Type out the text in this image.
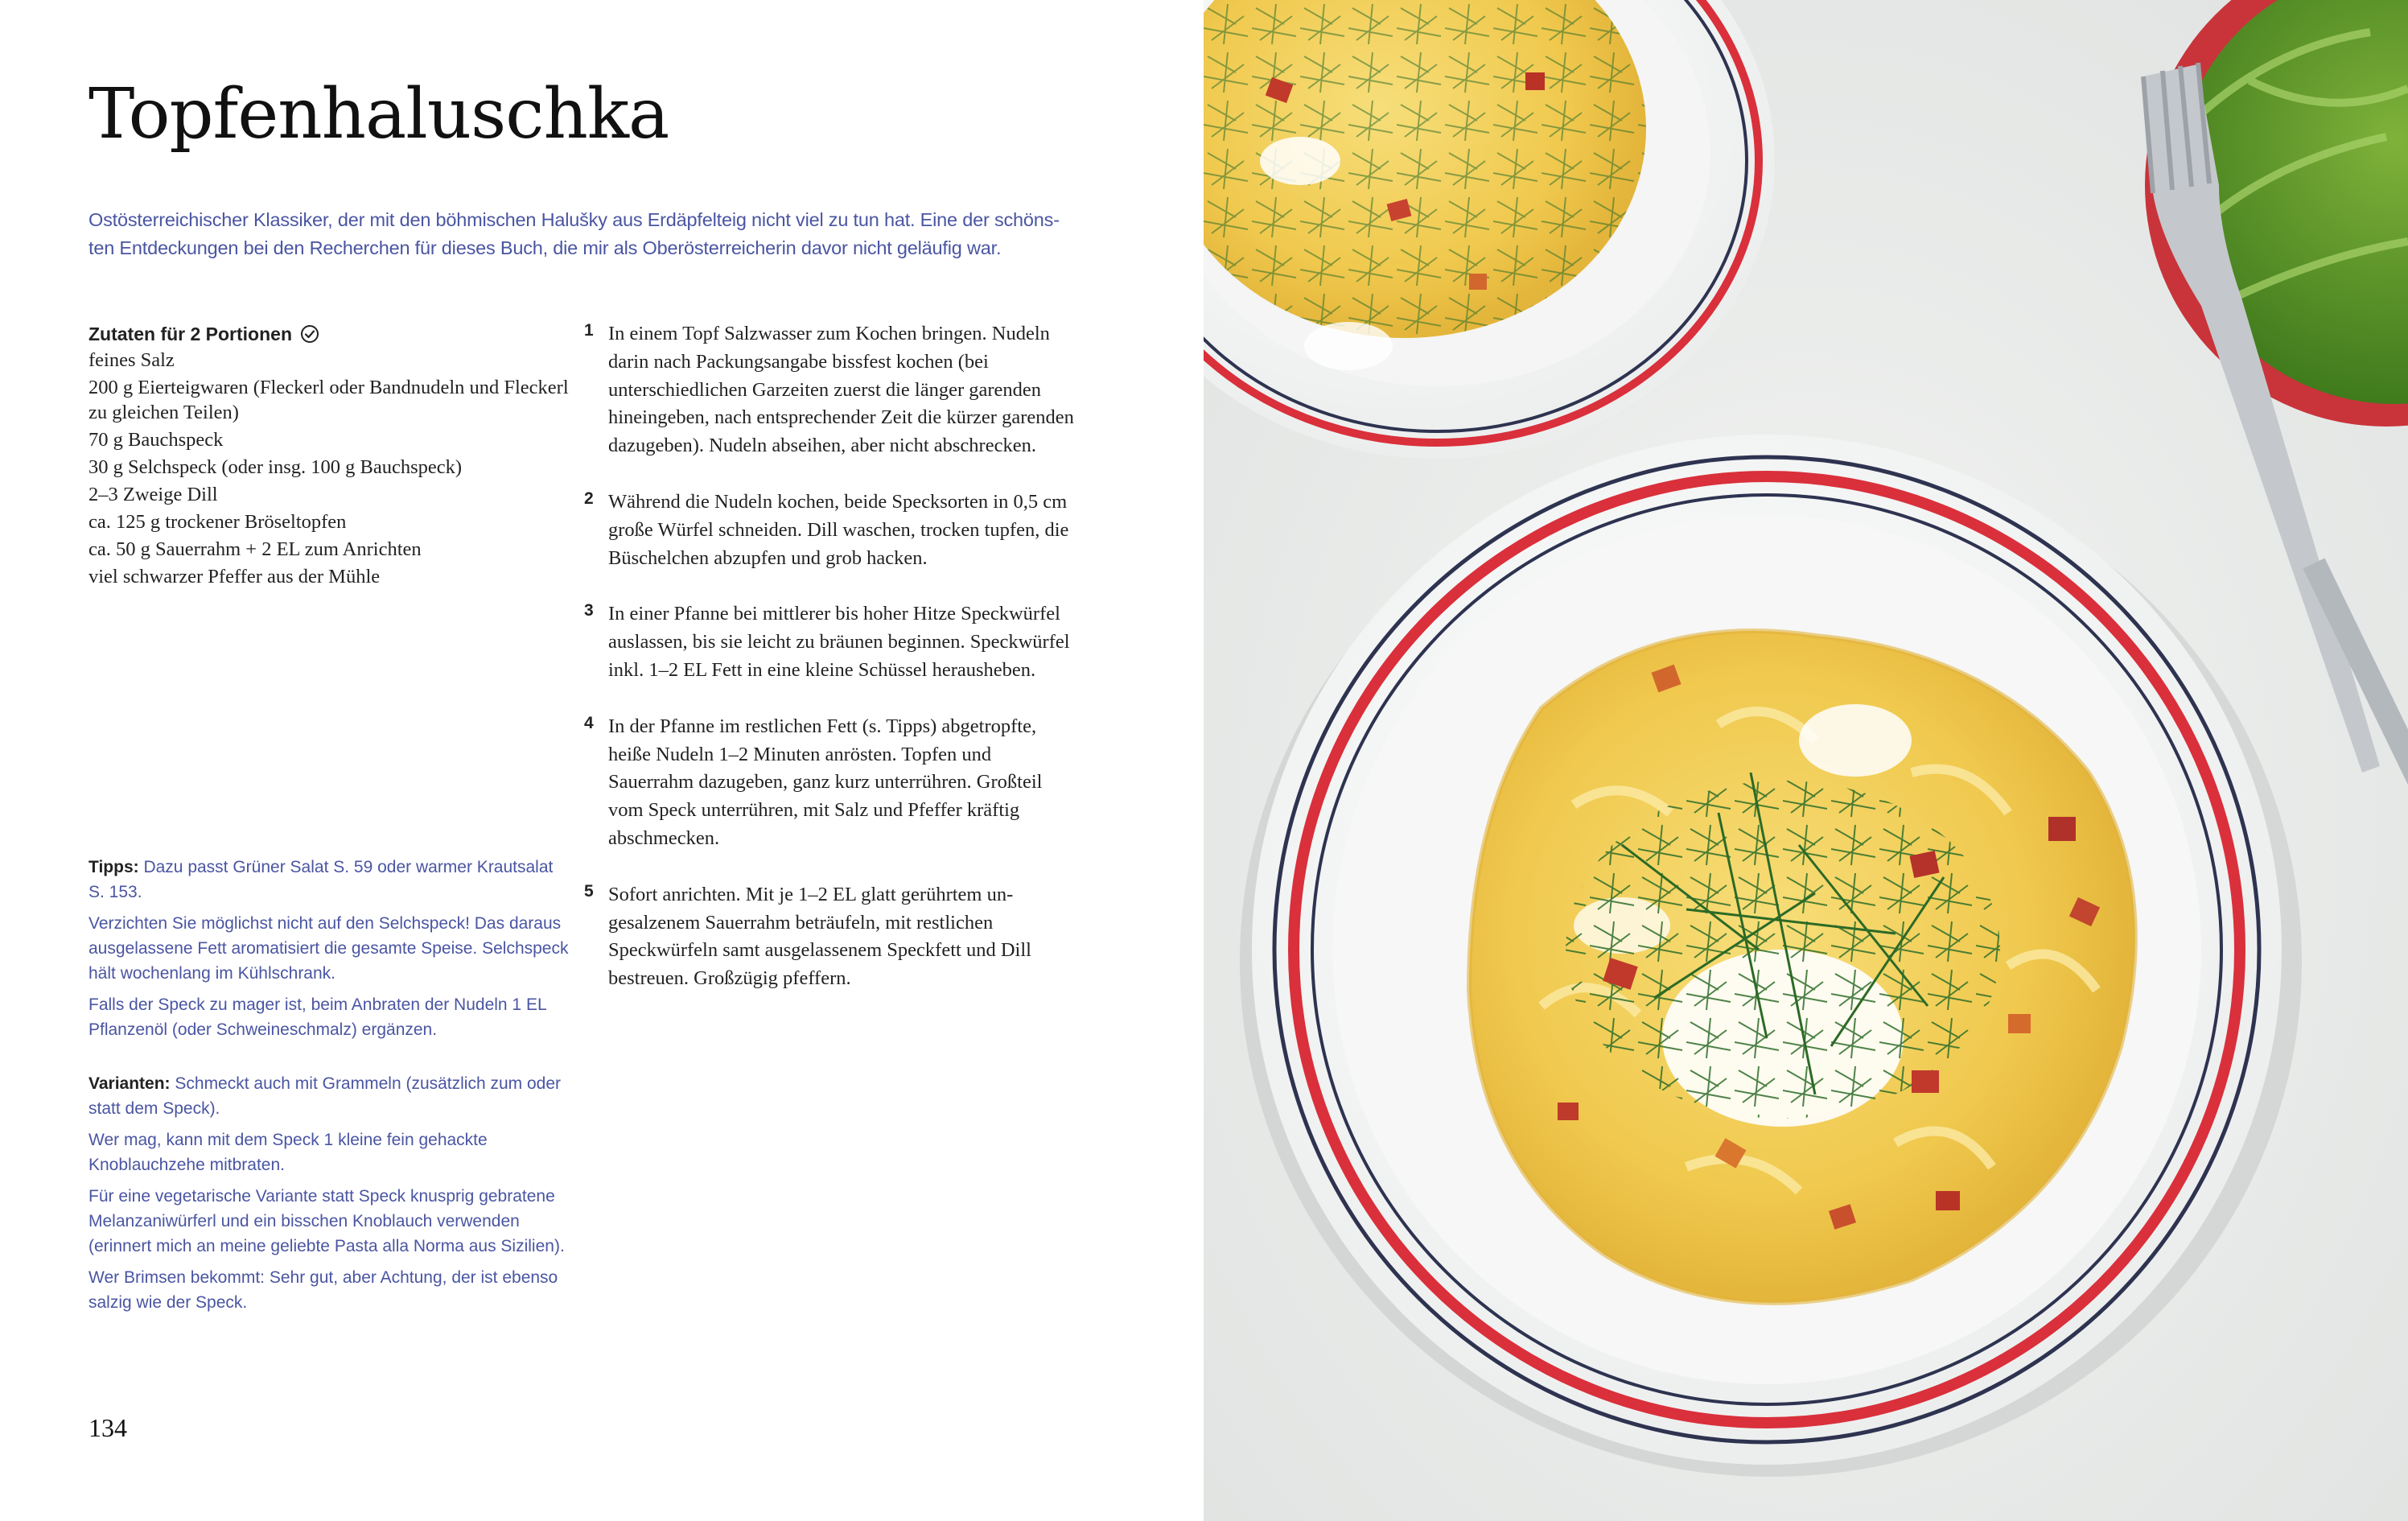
Topfenhaluschka

Ostösterreichischer Klassiker, der mit den böhmischen Halušky aus Erdäpfelteig nicht viel zu tun hat. Eine der schönsten Entdeckungen bei den Recherchen für dieses Buch, die mir als Oberösterreicherin davor nicht geläufig war.

Zutaten für 2 Portionen
feines Salz
200 g Eierteigwaren (Fleckerl oder Bandnudeln und Fleckerl zu gleichen Teilen)
70 g Bauchspeck
30 g Selchspeck (oder insg. 100 g Bauchspeck)
2–3 Zweige Dill
ca. 125 g trockener Bröseltopfen
ca. 50 g Sauerrahm + 2 EL zum Anrichten
viel schwarzer Pfeffer aus der Mühle
1 In einem Topf Salzwasser zum Kochen bringen. Nudeln darin nach Packungsangabe bissfest kochen (bei unterschiedlichen Garzeiten zuerst die länger garenden hineingeben, nach entsprechender Zeit die kürzer garenden dazugeben). Nudeln abseihen, aber nicht abschrecken.
2 Während die Nudeln kochen, beide Specksorten in 0,5 cm große Würfel schneiden. Dill waschen, trocken tupfen, die Büschelchen abzupfen und grob hacken.
3 In einer Pfanne bei mittlerer bis hoher Hitze Speckwürfel auslassen, bis sie leicht zu bräunen beginnen. Speckwürfel inkl. 1–2 EL Fett in eine kleine Schüssel herausheben.
4 In der Pfanne im restlichen Fett (s. Tipps) abgetropfte, heiße Nudeln 1–2 Minuten anrösten. Topfen und Sauerrahm dazugeben, ganz kurz unterrühren. Großteil vom Speck unterrühren, mit Salz und Pfeffer kräftig abschmecken.
5 Sofort anrichten. Mit je 1–2 EL glatt gerührtem ungesalzenem Sauerrahm beträufeln, mit restlichen Speckwürfeln samt ausgelassenem Speckfett und Dill bestreuen. Großzügig pfeffern.

Tipps: Dazu passt Grüner Salat S. 59 oder warmer Krautsalat S. 153.

Verzichten Sie möglichst nicht auf den Selchspeck! Das daraus ausgelassene Fett aromatisiert die gesamte Speise. Selchspeck hält wochenlang im Kühlschrank.

Falls der Speck zu mager ist, beim Anbraten der Nudeln 1 EL Pflanzenöl (oder Schweineschmalz) ergänzen.

Varianten: Schmeckt auch mit Grammeln (zusätzlich zum oder statt dem Speck).

Wer mag, kann mit dem Speck 1 kleine fein gehackte Knoblauchzehe mitbraten.

Für eine vegetarische Variante statt Speck knusprig gebratene Melanzaniwürferl und ein bisschen Knoblauch verwenden (erinnert mich an meine geliebte Pasta alla Norma aus Sizilien).

Wer Brimsen bekommt: Sehr gut, aber Achtung, der ist ebenso salzig wie der Speck.

134
